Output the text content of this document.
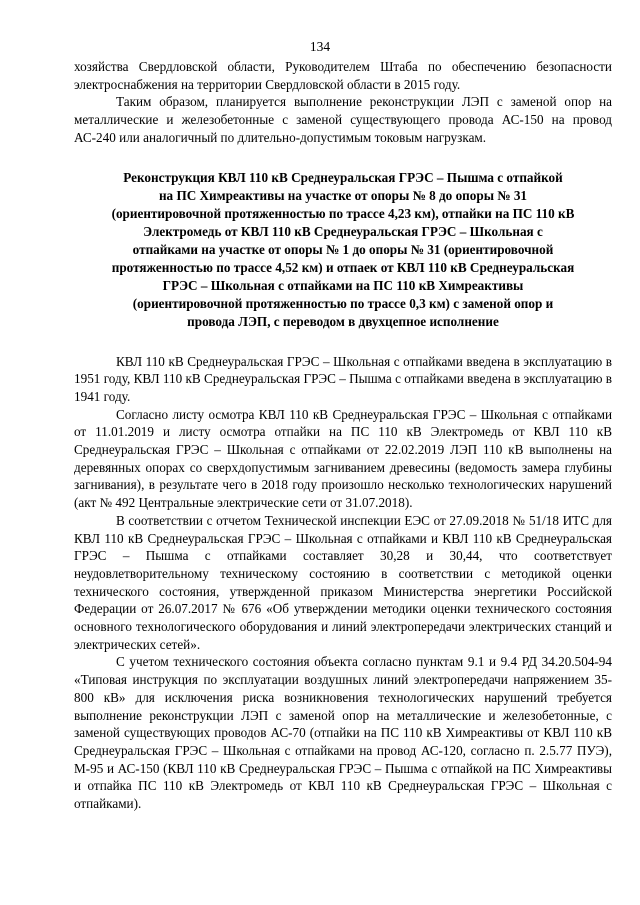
134

хозяйства Свердловской области, Руководителем Штаба по обеспечению безопасности электроснабжения на территории Свердловской области в 2015 году.

Таким образом, планируется выполнение реконструкции ЛЭП с заменой опор на металлические и железобетонные с заменой существующего провода АС-150 на провод АС-240 или аналогичный по длительно-допустимым токовым нагрузкам.

Реконструкция КВЛ 110 кВ Среднеуральская ГРЭС – Пышма с отпайкой
на ПС Химреактивы на участке от опоры № 8 до опоры № 31
(ориентировочной протяженностью по трассе 4,23 км), отпайки на ПС 110 кВ
Электромедь от КВЛ 110 кВ Среднеуральская ГРЭС – Школьная с
отпайками на участке от опоры № 1 до опоры № 31 (ориентировочной
протяженностью по трассе 4,52 км) и отпаек от КВЛ 110 кВ Среднеуральская
ГРЭС – Школьная с отпайками на ПС 110 кВ Химреактивы
(ориентировочной протяженностью по трассе 0,3 км) с заменой опор и
провода ЛЭП, с переводом в двухцепное исполнение

КВЛ 110 кВ Среднеуральская ГРЭС – Школьная с отпайками введена в эксплуатацию в 1951 году, КВЛ 110 кВ Среднеуральская ГРЭС – Пышма с отпайками введена в эксплуатацию в 1941 году.

Согласно листу осмотра КВЛ 110 кВ Среднеуральская ГРЭС – Школьная с отпайками от 11.01.2019 и листу осмотра отпайки на ПС 110 кВ Электромедь от КВЛ 110 кВ Среднеуральская ГРЭС – Школьная с отпайками от 22.02.2019 ЛЭП 110 кВ выполнены на деревянных опорах со сверхдопустимым загниванием древесины (ведомость замера глубины загнивания), в результате чего в 2018 году произошло несколько технологических нарушений (акт № 492 Центральные электрические сети от 31.07.2018).

В соответствии с отчетом Технической инспекции ЕЭС от 27.09.2018 № 51/18 ИТС для КВЛ 110 кВ Среднеуральская ГРЭС – Школьная с отпайками и КВЛ 110 кВ Среднеуральская ГРЭС – Пышма с отпайками составляет 30,28 и 30,44, что соответствует неудовлетворительному техническому состоянию в соответствии с методикой оценки технического состояния, утвержденной приказом Министерства энергетики Российской Федерации от 26.07.2017 № 676 «Об утверждении методики оценки технического состояния основного технологического оборудования и линий электропередачи электрических станций и электрических сетей».

С учетом технического состояния объекта согласно пунктам 9.1 и 9.4 РД 34.20.504-94 «Типовая инструкция по эксплуатации воздушных линий электропередачи напряжением 35-800 кВ» для исключения риска возникновения технологических нарушений требуется выполнение реконструкции ЛЭП с заменой опор на металлические и железобетонные, с заменой существующих проводов АС-70 (отпайки на ПС 110 кВ Химреактивы от КВЛ 110 кВ Среднеуральская ГРЭС – Школьная с отпайками на провод АС-120, согласно п. 2.5.77 ПУЭ), М-95 и АС-150 (КВЛ 110 кВ Среднеуральская ГРЭС – Пышма с отпайкой на ПС Химреактивы и отпайка ПС 110 кВ Электромедь от КВЛ 110 кВ Среднеуральская ГРЭС – Школьная с отпайками).
